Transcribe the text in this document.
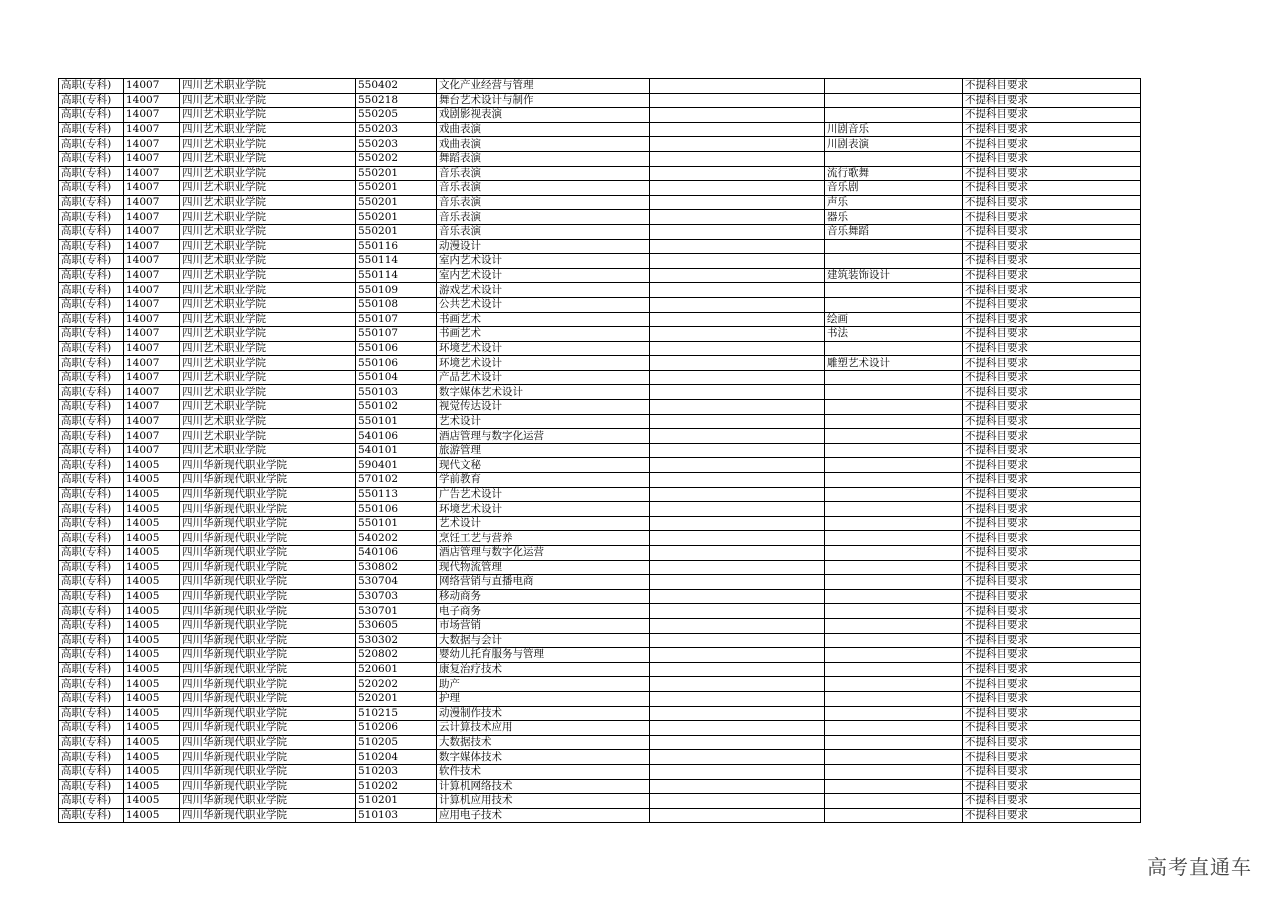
高职(专科)	14007	四川艺术职业学院	550402	文化产业经营与管理			不提科目要求
高职(专科)	14007	四川艺术职业学院	550218	舞台艺术设计与制作			不提科目要求
高职(专科)	14007	四川艺术职业学院	550205	戏剧影视表演			不提科目要求
高职(专科)	14007	四川艺术职业学院	550203	戏曲表演		川剧音乐	不提科目要求
高职(专科)	14007	四川艺术职业学院	550203	戏曲表演		川剧表演	不提科目要求
高职(专科)	14007	四川艺术职业学院	550202	舞蹈表演			不提科目要求
高职(专科)	14007	四川艺术职业学院	550201	音乐表演		流行歌舞	不提科目要求
高职(专科)	14007	四川艺术职业学院	550201	音乐表演		音乐剧	不提科目要求
高职(专科)	14007	四川艺术职业学院	550201	音乐表演		声乐	不提科目要求
高职(专科)	14007	四川艺术职业学院	550201	音乐表演		器乐	不提科目要求
高职(专科)	14007	四川艺术职业学院	550201	音乐表演		音乐舞蹈	不提科目要求
高职(专科)	14007	四川艺术职业学院	550116	动漫设计			不提科目要求
高职(专科)	14007	四川艺术职业学院	550114	室内艺术设计			不提科目要求
高职(专科)	14007	四川艺术职业学院	550114	室内艺术设计		建筑装饰设计	不提科目要求
高职(专科)	14007	四川艺术职业学院	550109	游戏艺术设计			不提科目要求
高职(专科)	14007	四川艺术职业学院	550108	公共艺术设计			不提科目要求
高职(专科)	14007	四川艺术职业学院	550107	书画艺术		绘画	不提科目要求
高职(专科)	14007	四川艺术职业学院	550107	书画艺术		书法	不提科目要求
高职(专科)	14007	四川艺术职业学院	550106	环境艺术设计			不提科目要求
高职(专科)	14007	四川艺术职业学院	550106	环境艺术设计		雕塑艺术设计	不提科目要求
高职(专科)	14007	四川艺术职业学院	550104	产品艺术设计			不提科目要求
高职(专科)	14007	四川艺术职业学院	550103	数字媒体艺术设计			不提科目要求
高职(专科)	14007	四川艺术职业学院	550102	视觉传达设计			不提科目要求
高职(专科)	14007	四川艺术职业学院	550101	艺术设计			不提科目要求
高职(专科)	14007	四川艺术职业学院	540106	酒店管理与数字化运营			不提科目要求
高职(专科)	14007	四川艺术职业学院	540101	旅游管理			不提科目要求
高职(专科)	14005	四川华新现代职业学院	590401	现代文秘			不提科目要求
高职(专科)	14005	四川华新现代职业学院	570102	学前教育			不提科目要求
高职(专科)	14005	四川华新现代职业学院	550113	广告艺术设计			不提科目要求
高职(专科)	14005	四川华新现代职业学院	550106	环境艺术设计			不提科目要求
高职(专科)	14005	四川华新现代职业学院	550101	艺术设计			不提科目要求
高职(专科)	14005	四川华新现代职业学院	540202	烹饪工艺与营养			不提科目要求
高职(专科)	14005	四川华新现代职业学院	540106	酒店管理与数字化运营			不提科目要求
高职(专科)	14005	四川华新现代职业学院	530802	现代物流管理			不提科目要求
高职(专科)	14005	四川华新现代职业学院	530704	网络营销与直播电商			不提科目要求
高职(专科)	14005	四川华新现代职业学院	530703	移动商务			不提科目要求
高职(专科)	14005	四川华新现代职业学院	530701	电子商务			不提科目要求
高职(专科)	14005	四川华新现代职业学院	530605	市场营销			不提科目要求
高职(专科)	14005	四川华新现代职业学院	530302	大数据与会计			不提科目要求
高职(专科)	14005	四川华新现代职业学院	520802	婴幼儿托育服务与管理			不提科目要求
高职(专科)	14005	四川华新现代职业学院	520601	康复治疗技术			不提科目要求
高职(专科)	14005	四川华新现代职业学院	520202	助产			不提科目要求
高职(专科)	14005	四川华新现代职业学院	520201	护理			不提科目要求
高职(专科)	14005	四川华新现代职业学院	510215	动漫制作技术			不提科目要求
高职(专科)	14005	四川华新现代职业学院	510206	云计算技术应用			不提科目要求
高职(专科)	14005	四川华新现代职业学院	510205	大数据技术			不提科目要求
高职(专科)	14005	四川华新现代职业学院	510204	数字媒体技术			不提科目要求
高职(专科)	14005	四川华新现代职业学院	510203	软件技术			不提科目要求
高职(专科)	14005	四川华新现代职业学院	510202	计算机网络技术			不提科目要求
高职(专科)	14005	四川华新现代职业学院	510201	计算机应用技术			不提科目要求
高职(专科)	14005	四川华新现代职业学院	510103	应用电子技术			不提科目要求
高考直通车
